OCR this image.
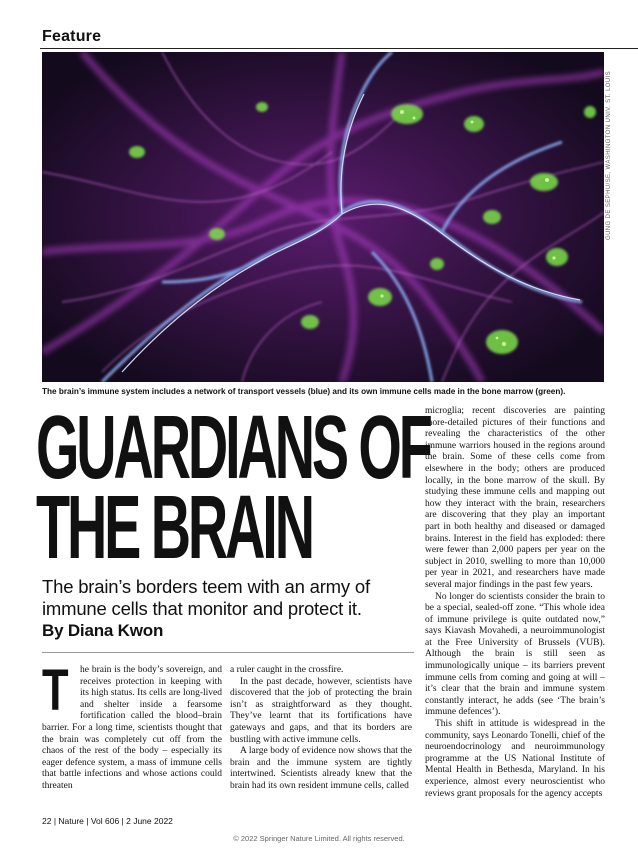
Feature
GUNG DE SEPHU/SE, WASHINGTON UNIV. ST. LOUIS
The brain’s immune system includes a network of transport vessels (blue) and its own immune cells made in the bone marrow (green).
GUARDIANS OF
THE BRAIN
The brain’s borders teem with an army of immune cells that monitor and protect it.
By Diana Kwon

T he brain is the body’s sovereign, and receives protection in keeping with its high status. Its cells are long-lived and shelter inside a fearsome fortification called the blood–brain barrier. For a long time, scientists thought that the brain was completely cut off from the chaos of the rest of the body – especially its eager defence system, a mass of immune cells that battle infections and whose actions could threaten

a ruler caught in the crossfire.

In the past decade, however, scientists have discovered that the job of protecting the brain isn’t as straightforward as they thought. They’ve learnt that its fortifications have gateways and gaps, and that its borders are bustling with active immune cells.

A large body of evidence now shows that the brain and the immune system are tightly intertwined. Scientists already knew that the brain had its own resident immune cells, called

microglia; recent discoveries are painting more-detailed pictures of their functions and revealing the characteristics of the other immune warriors housed in the regions around the brain. Some of these cells come from elsewhere in the body; others are produced locally, in the bone marrow of the skull. By studying these immune cells and mapping out how they interact with the brain, researchers are discovering that they play an important part in both healthy and diseased or damaged brains. Interest in the field has exploded: there were fewer than 2,000 papers per year on the subject in 2010, swelling to more than 10,000 per year in 2021, and researchers have made several major findings in the past few years.

No longer do scientists consider the brain to be a special, sealed-off zone. “This whole idea of immune privilege is quite outdated now,” says Kiavash Movahedi, a neuroimmunologist at the Free University of Brussels (VUB). Although the brain is still seen as immunologically unique – its barriers prevent immune cells from coming and going at will – it’s clear that the brain and immune system constantly interact, he adds (see ‘The brain’s immune defences’).

This shift in attitude is widespread in the community, says Leonardo Tonelli, chief of the neuroendocrinology and neuroimmunology programme at the US National Institute of Mental Health in Bethesda, Maryland. In his experience, almost every neuroscientist who reviews grant proposals for the agency accepts

22 | Nature | Vol 606 | 2 June 2022
© 2022 Springer Nature Limited. All rights reserved.
